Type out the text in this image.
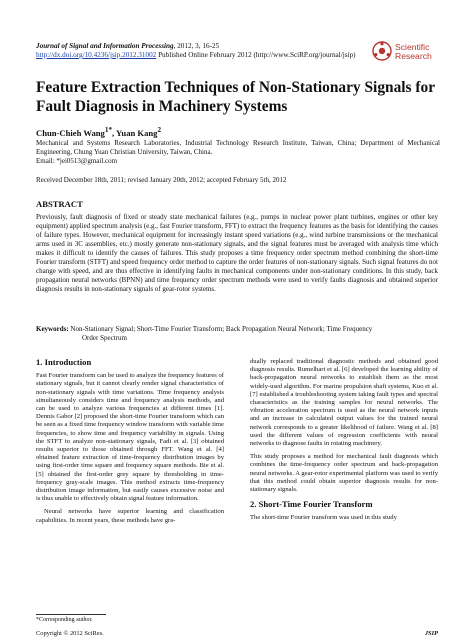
Journal of Signal and Information Processing, 2012, 3, 16-25
http://dx.doi.org/10.4236/jsip.2012.31002 Published Online February 2012 (http://www.SciRP.org/journal/jsip)
Scientific
Research
Feature Extraction Techniques of Non-Stationary Signals for Fault Diagnosis in Machinery Systems
Chun-Chieh Wang$^{1*}$, Yuan Kang$^2$
Mechanical and Systems Research Laboratories, Industrial Technology Research Institute, Taiwan, China; Department of Mechanical Engineering, Chung Yuan Christian University, Taiwan, China.
Email: *jei0513@gmail.com
Received December 18th, 2011; revised January 20th, 2012; accepted February 5th, 2012
ABSTRACT
Previously, fault diagnosis of fixed or steady state mechanical failures (e.g., pumps in nuclear power plant turbines, engines or other key equipment) applied spectrum analysis (e.g., fast Fourier transform, FFT) to extract the frequency features as the basis for identifying the causes of failure types. However, mechanical equipment for increasingly instant speed variations (e.g., wind turbine transmissions or the mechanical arms used in 3C assemblies, etc.) mostly generate non-stationary signals, and the signal features must be averaged with analysis time which makes it difficult to identify the causes of failures. This study proposes a time frequency order spectrum method combining the short-time Fourier transform (STFT) and speed frequency order method to capture the order features of non-stationary signals. Such signal features do not change with speed, and are thus effective in identifying faults in mechanical components under non-stationary conditions. In this study, back propagation neural networks (BPNN) and time frequency order spectrum methods were used to verify faults diagnosis and obtained superior diagnosis results in non-stationary signals of gear-rotor systems.
Keywords: Non-Stationary Signal; Short-Time Fourier Transform; Back Propagation Neural Network; Time Frequency
Order Spectrum
1. Introduction

Fast Fourier transform can be used to analyze the frequency features of stationary signals, but it cannot clearly render signal characteristics of non-stationary signals with time variations. Time frequency analysis simultaneously considers time and frequency analysis methods, and can be used to analyze various frequencies at different times [1]. Dennis Gabor [2] proposed the short-time Fourier transform which can be seen as a fixed time frequency window transform with variable time frequencies, to show time and frequency variability in signals. Using the STFT to analyze non-stationary signals, Fadi et al. [3] obtained results superior to those obtained through FFT. Wang et al. [4] obtained feature extraction of time-frequency distribution images by using first-order time square and frequency square methods. Bie et al. [5] obtained the first-order grey square by thresholding in time-frequency gray-scale images. This method extracts time-frequency distribution image information, but easily causes excessive noise and is thus unable to effectively obtain signal feature information.

Neural networks have superior learning and classification capabilities. In recent years, these methods have gra-

dually replaced traditional diagnostic methods and obtained good diagnosis results. Rumelhart et al. [6] developed the learning ability of back-propagation neural networks to establish them as the most widely-used algorithm. For marine propulsion shaft systems, Kuo et al. [7] established a troubleshooting system taking fault types and spectral characteristics as the training samples for neural networks. The vibration acceleration spectrum is used as the neural network inputs and an increase in calculated output values for the trained neural network corresponds to a greater likelihood of failure. Wang et al. [8] used the different values of regression coefficients with neural networks to diagnose faults in rotating machinery.

This study proposes a method for mechanical fault diagnosis which combines the time-frequency order spectrum and back-propagation neural networks. A gear-rotor experimental platform was used to verify that this method could obtain superior diagnosis results for non-stationary signals.

2. Short-Time Fourier Transform

The short-time Fourier transform was used in this study

*Corresponding author.
Copyright © 2012 SciRes.	JSIP
